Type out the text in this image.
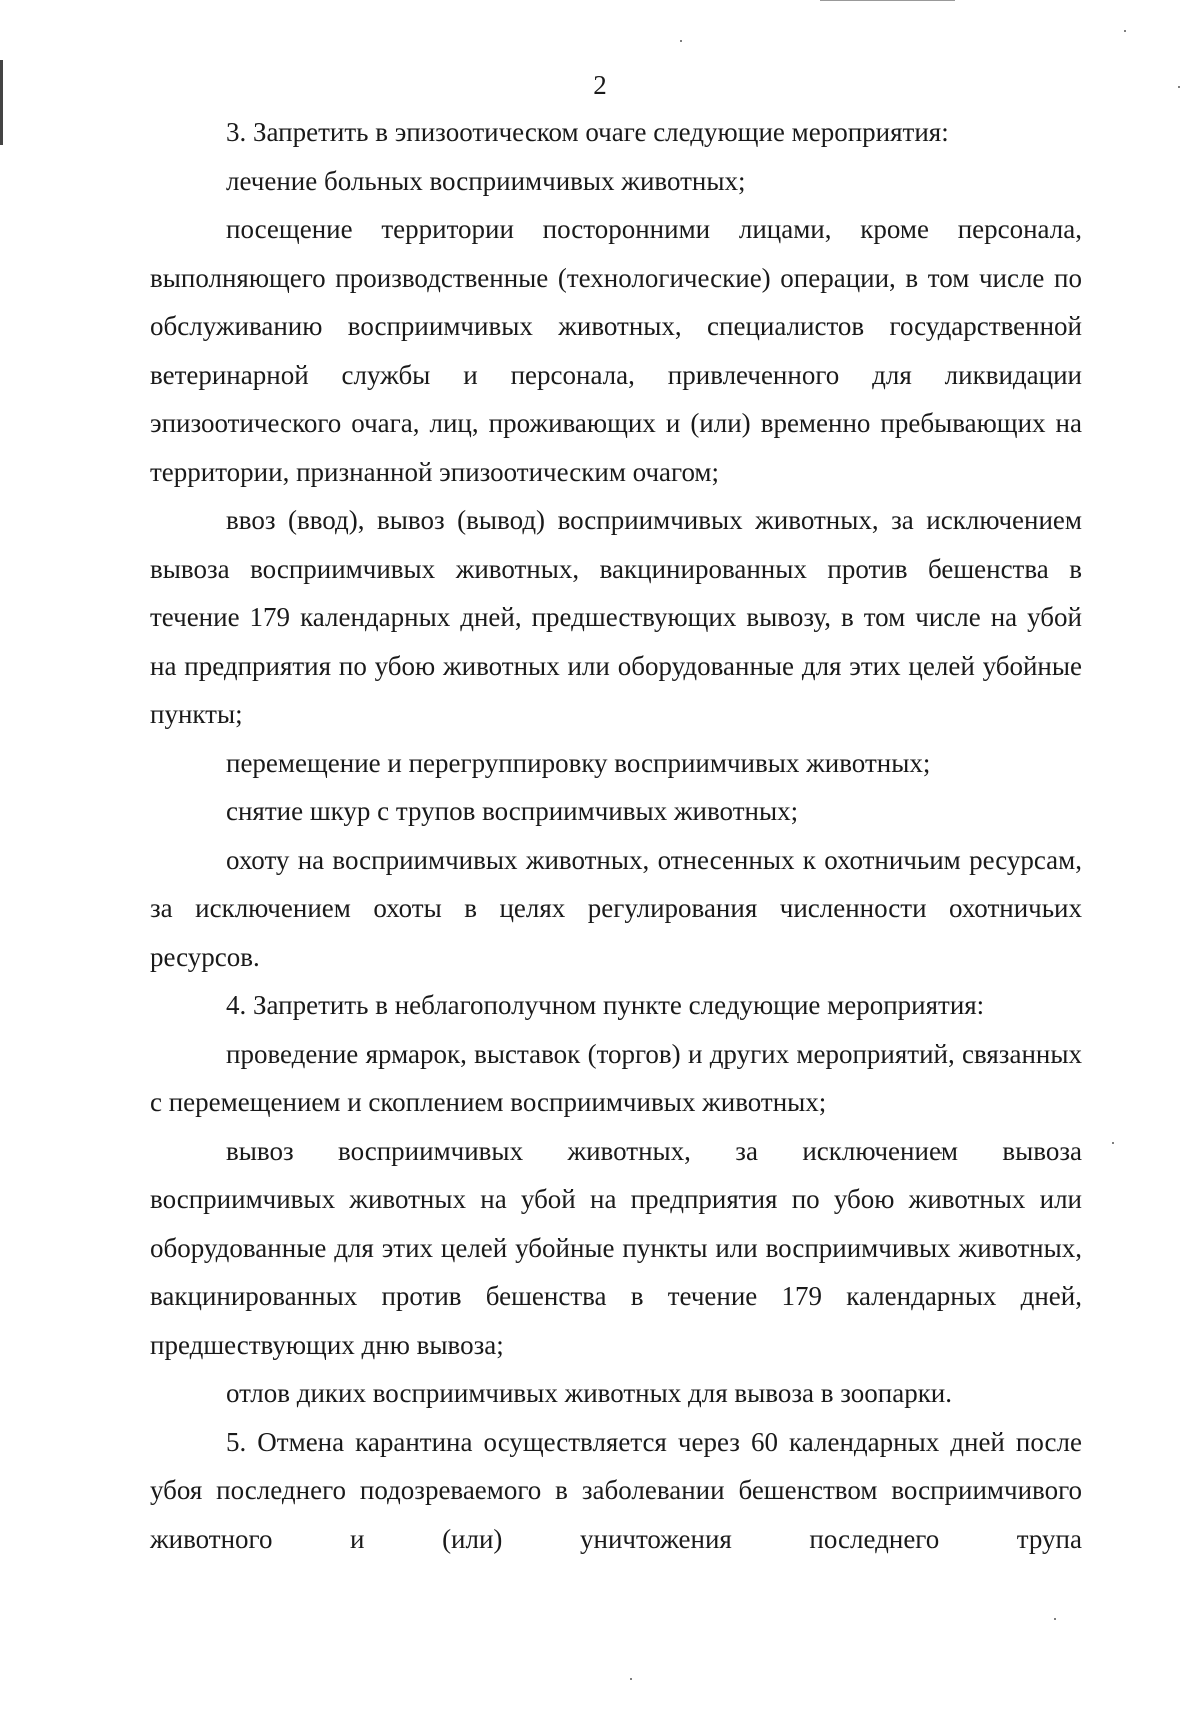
2

3. Запретить в эпизоотическом очаге следующие мероприятия:

лечение больных восприимчивых животных;

посещение территории посторонними лицами, кроме персонала, выполняющего производственные (технологические) операции, в том числе по обслуживанию восприимчивых животных, специалистов государственной ветеринарной службы и персонала, привлеченного для ликвидации эпизоотического очага, лиц, проживающих и (или) временно пребывающих на территории, признанной эпизоотическим очагом;

ввоз (ввод), вывоз (вывод) восприимчивых животных, за исключением вывоза восприимчивых животных, вакцинированных против бешенства в течение 179 календарных дней, предшествующих вывозу, в том числе на убой на предприятия по убою животных или оборудованные для этих целей убойные пункты;

перемещение и перегруппировку восприимчивых животных;

снятие шкур с трупов восприимчивых животных;

охоту на восприимчивых животных, отнесенных к охотничьим ресурсам, за исключением охоты в целях регулирования численности охотничьих ресурсов.

4. Запретить в неблагополучном пункте следующие мероприятия:

проведение ярмарок, выставок (торгов) и других мероприятий, связанных с перемещением и скоплением восприимчивых животных;

вывоз восприимчивых животных, за исключением вывоза восприимчивых животных на убой на предприятия по убою животных или оборудованные для этих целей убойные пункты или восприимчивых животных, вакцинированных против бешенства в течение 179 календарных дней, предшествующих дню вывоза;

отлов диких восприимчивых животных для вывоза в зоопарки.

5. Отмена карантина осуществляется через 60 календарных дней после убоя последнего подозреваемого в заболевании бешенством восприимчивого животного и (или) уничтожения последнего трупа
